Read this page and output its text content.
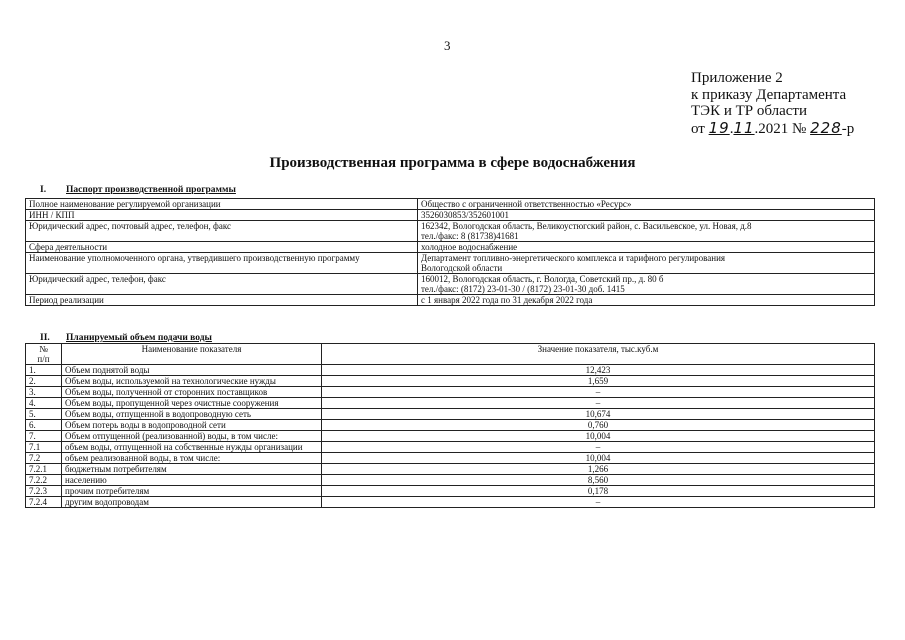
3
Приложение 2
к приказу Департамента
ТЭК и ТР области
от 19.11.2021 № 228-р
Производственная программа в сфере водоснабжения
I. Паспорт производственной программы
Полное наименование регулируемой организации	Общество с ограниченной ответственностью «Ресурс»

ИНН / КПП	3526030853/352601001

Юридический адрес, почтовый адрес, телефон, факс	162342, Вологодская область, Великоустюгский район, с. Васильевское, ул. Новая, д.8
тел./факс: 8 (81738)41681

Сфера деятельности	холодное водоснабжение

Наименование уполномоченного органа, утвердившего производственную программу	Департамент топливно-энергетического комплекса и тарифного регулирования
Вологодской области

Юридический адрес, телефон, факс	160012, Вологодская область, г. Вологда, Советский пр., д. 80 б
тел./факс: (8172) 23-01-30 / (8172) 23-01-30 доб. 1415

Период реализации	с 1 января 2022 года по 31 декабря 2022 года
II. Планируемый объем подачи воды
№
п/п	Наименование показателя	Значение показателя, тыс.куб.м
1.	Объем поднятой воды	12,423
2.	Объем воды, используемой на технологические нужды	1,659
3.	Объем воды, полученной от сторонних поставщиков	–
4.	Объем воды, пропущенной через очистные сооружения	–
5.	Объем воды, отпущенной в водопроводную сеть	10,674
6.	Объем потерь воды в водопроводной сети	0,760
7.	Объем отпущенной (реализованной) воды, в том числе:	10,004
7.1	объем воды, отпущенной на собственные нужды организации	–
7.2	объем реализованной воды, в том числе:	10,004
7.2.1	бюджетным потребителям	1,266
7.2.2	населению	8,560
7.2.3	прочим потребителям	0,178
7.2.4	другим водопроводам	–
